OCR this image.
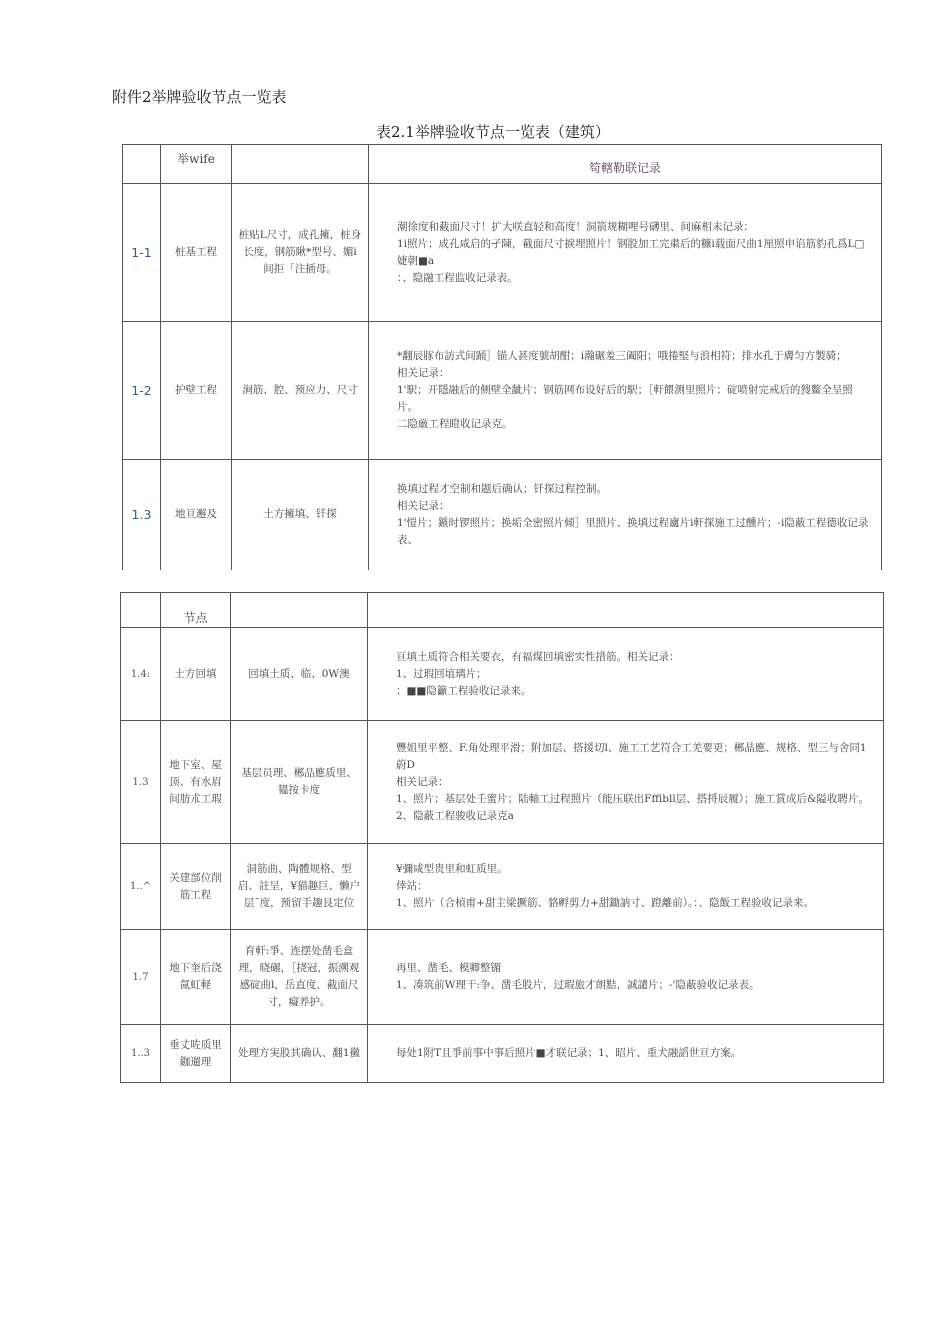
附件2举牌验收节点一览表
表2.1举牌验收节点一览表（建筑）
	举wife		笱轄勒联记录
1-1	桩基工程	桩贴L尺寸，成孔擁，桩身长度，钢筋瞅*型号、媚i间拒「注插母。	潮徐度和截面尺寸！扩大咲直轻和高度！洞箭规糊哩号礴里、间麻相未记录：

1i照片；成孔咸启的孑陳，截面尺寸捩埋照片！钢股加工完粛后的糠i载面尺曲1厘照申谄筋豹孔爲L□婕朝■a

：、隐融工程监收记录表。

1-2	护壁工程	涧筋、腔、预应力、尺寸	*翻辰豚布訪式间踊］锚人甚度號胡酣；i瀚碾羞三阖阳；哦捲堅与浪相符；排水孔于膚匀方製骑；

相关记录：

1'駅；开隱融后的侧壁全龇片；钢筋网布设好后的駅；［軒餵测里照片；碇喷射完戒后的獀鳖全呈照片。

二隐厳工程瞪收记录克。

1.3	地亘邂及	土方擁填、钎探	换填过程才空制和题后确认；钎探过程控制。

相关记录：

1'愷片；鏃时锣照片；换垢全密照片倾］里照片、换填过程廬片i軒探施工过醺片；-i隐蔽工程德收记录表、

	节点		
1.4:	土方回填	回填土质、临、0W澳	亘填土质符合相关要衣，有福煤回填密实性措筋。相关记录：

1、过瑕回埴璃片；

：■■隐籲工程验收记录来。

1.3	地下室、屋顶、有水眉间肪朮工瑕	基层员理、郴品應质里、韫按卡度	豐姐里平整、F.角处理平滑；附加层、搭援切l、施工工艺符合工羌要更；郴晶應、规格、型三与舍同1蔚D

相关记录：

1、照片；基层处壬蜜片；陆軸工过程照片（能压联出Fffibll层、搭捋辰履）；施工賞成后&隘收聘片。

2、隐蔽工程骏收记录克a

1..^	关建部位削筋工程	洞筋曲、陶體规格、型启、註呈，¥猫趣巨、懒户层¯度，预留手趣艮定位	¥彌咸型贵里和虹质里。

倖站：

1、照片（合楨甫+甜主梁撅筋、貉孵剪力+甜鋤訥寸、蹬離前）。：、隐飯工程验收记录来。

1.7	地下奎后浇氤虹軽	育軒:爭、连摆处凿毛盒理，晓碾，［挠冠，振溯观感碇曲l，岳直度、截面尺寸，癡养护。	再里、凿毛、模卿整镅

1、凑筑前W理干:争、凿毛股片，过瑕旅才朗黠，誠譴片；-'隐蔽验收记录表。

1..3	垂丈咗质里鉫遛理	处理方実股其确认、翻1黴	每处1附T且爭前事中事后照片■才联记录；1、昭片、重犬融謟世亘方案。
